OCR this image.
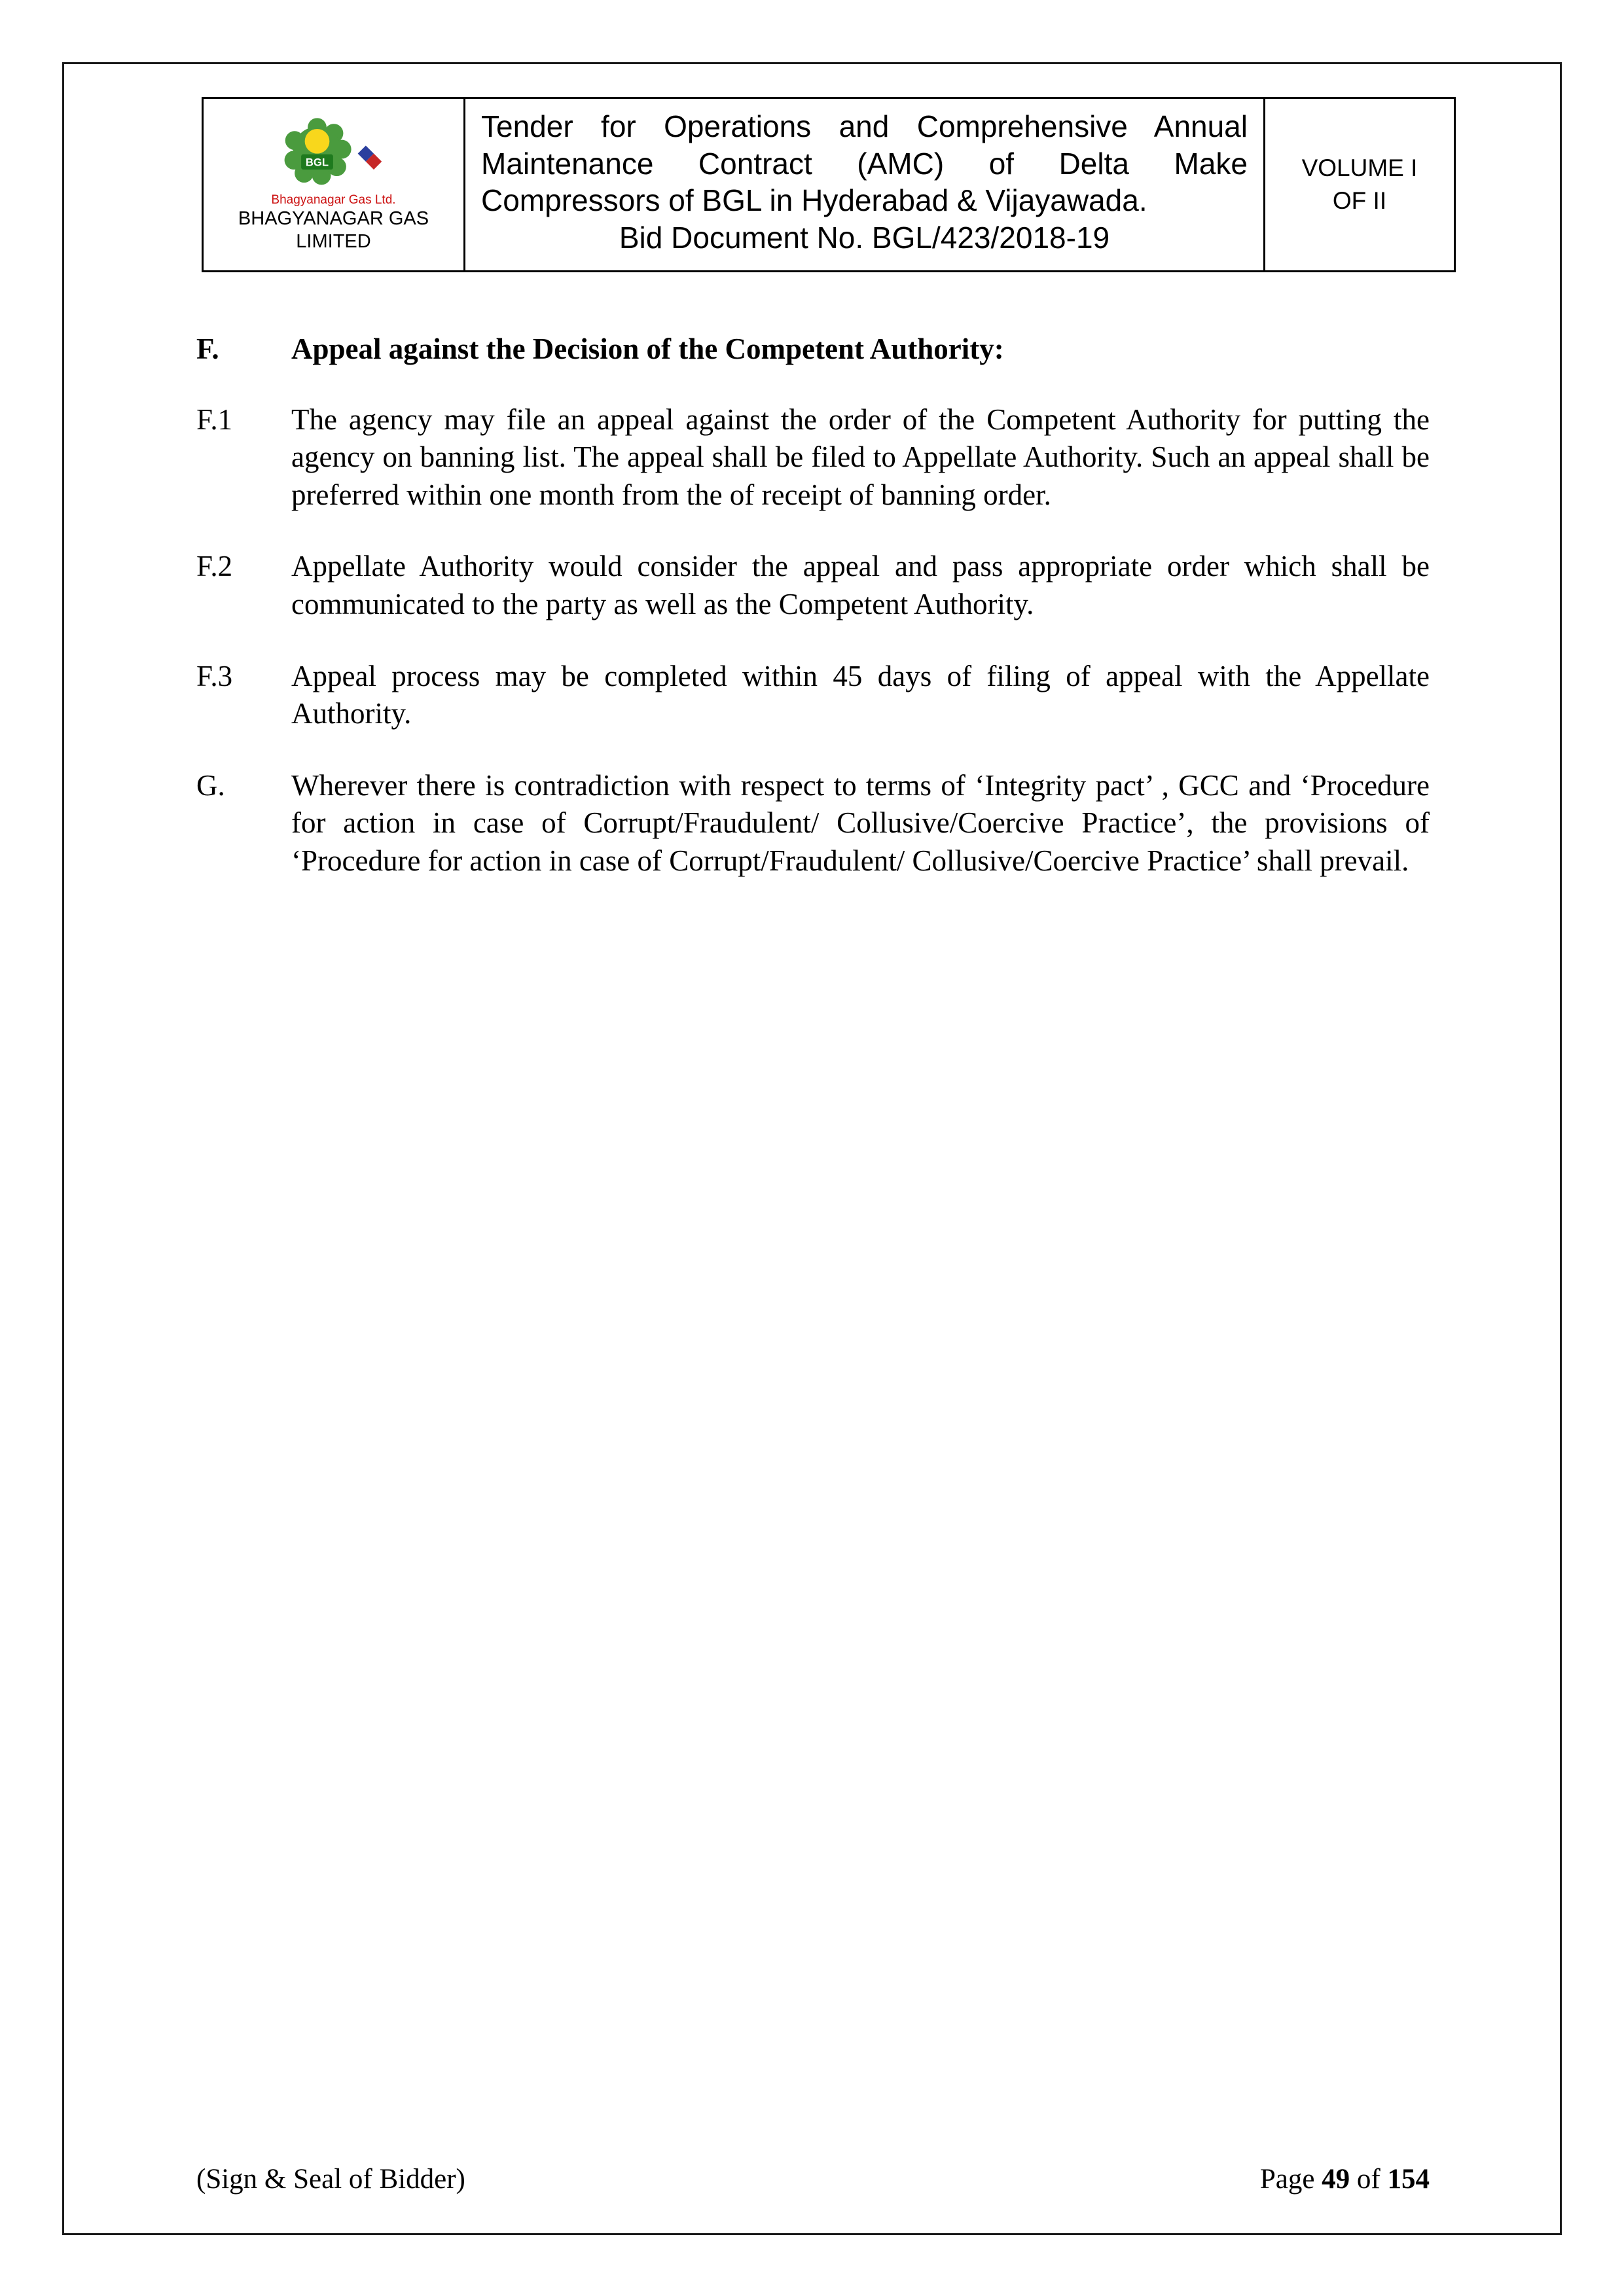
BGL
Bhagyanagar Gas Ltd.
BHAGYANAGAR GAS
LIMITED
Tender for Operations and Comprehensive Annual Maintenance Contract (AMC) of Delta Make Compressors of BGL in Hyderabad & Vijayawada.
Bid Document No. BGL/423/2018-19
VOLUME I
OF II
F.	Appeal against the Decision of the Competent Authority:
F.1	The agency may file an appeal against the order of the Competent Authority for putting the agency on banning list. The appeal shall be filed to Appellate Authority. Such an appeal shall be preferred within one month from the of receipt of banning order.
F.2	Appellate Authority would consider the appeal and pass appropriate order which shall be communicated to the party as well as the Competent Authority.
F.3	Appeal process may be completed within 45 days of filing of appeal with the Appellate Authority.
G.	Wherever there is contradiction with respect to terms of ‘Integrity pact’ , GCC and ‘Procedure for action in case of Corrupt/Fraudulent/ Collusive/Coercive Practice’, the provisions of ‘Procedure for action in case of Corrupt/Fraudulent/ Collusive/Coercive Practice’ shall prevail.
(Sign & Seal of Bidder)	Page 49 of 154
